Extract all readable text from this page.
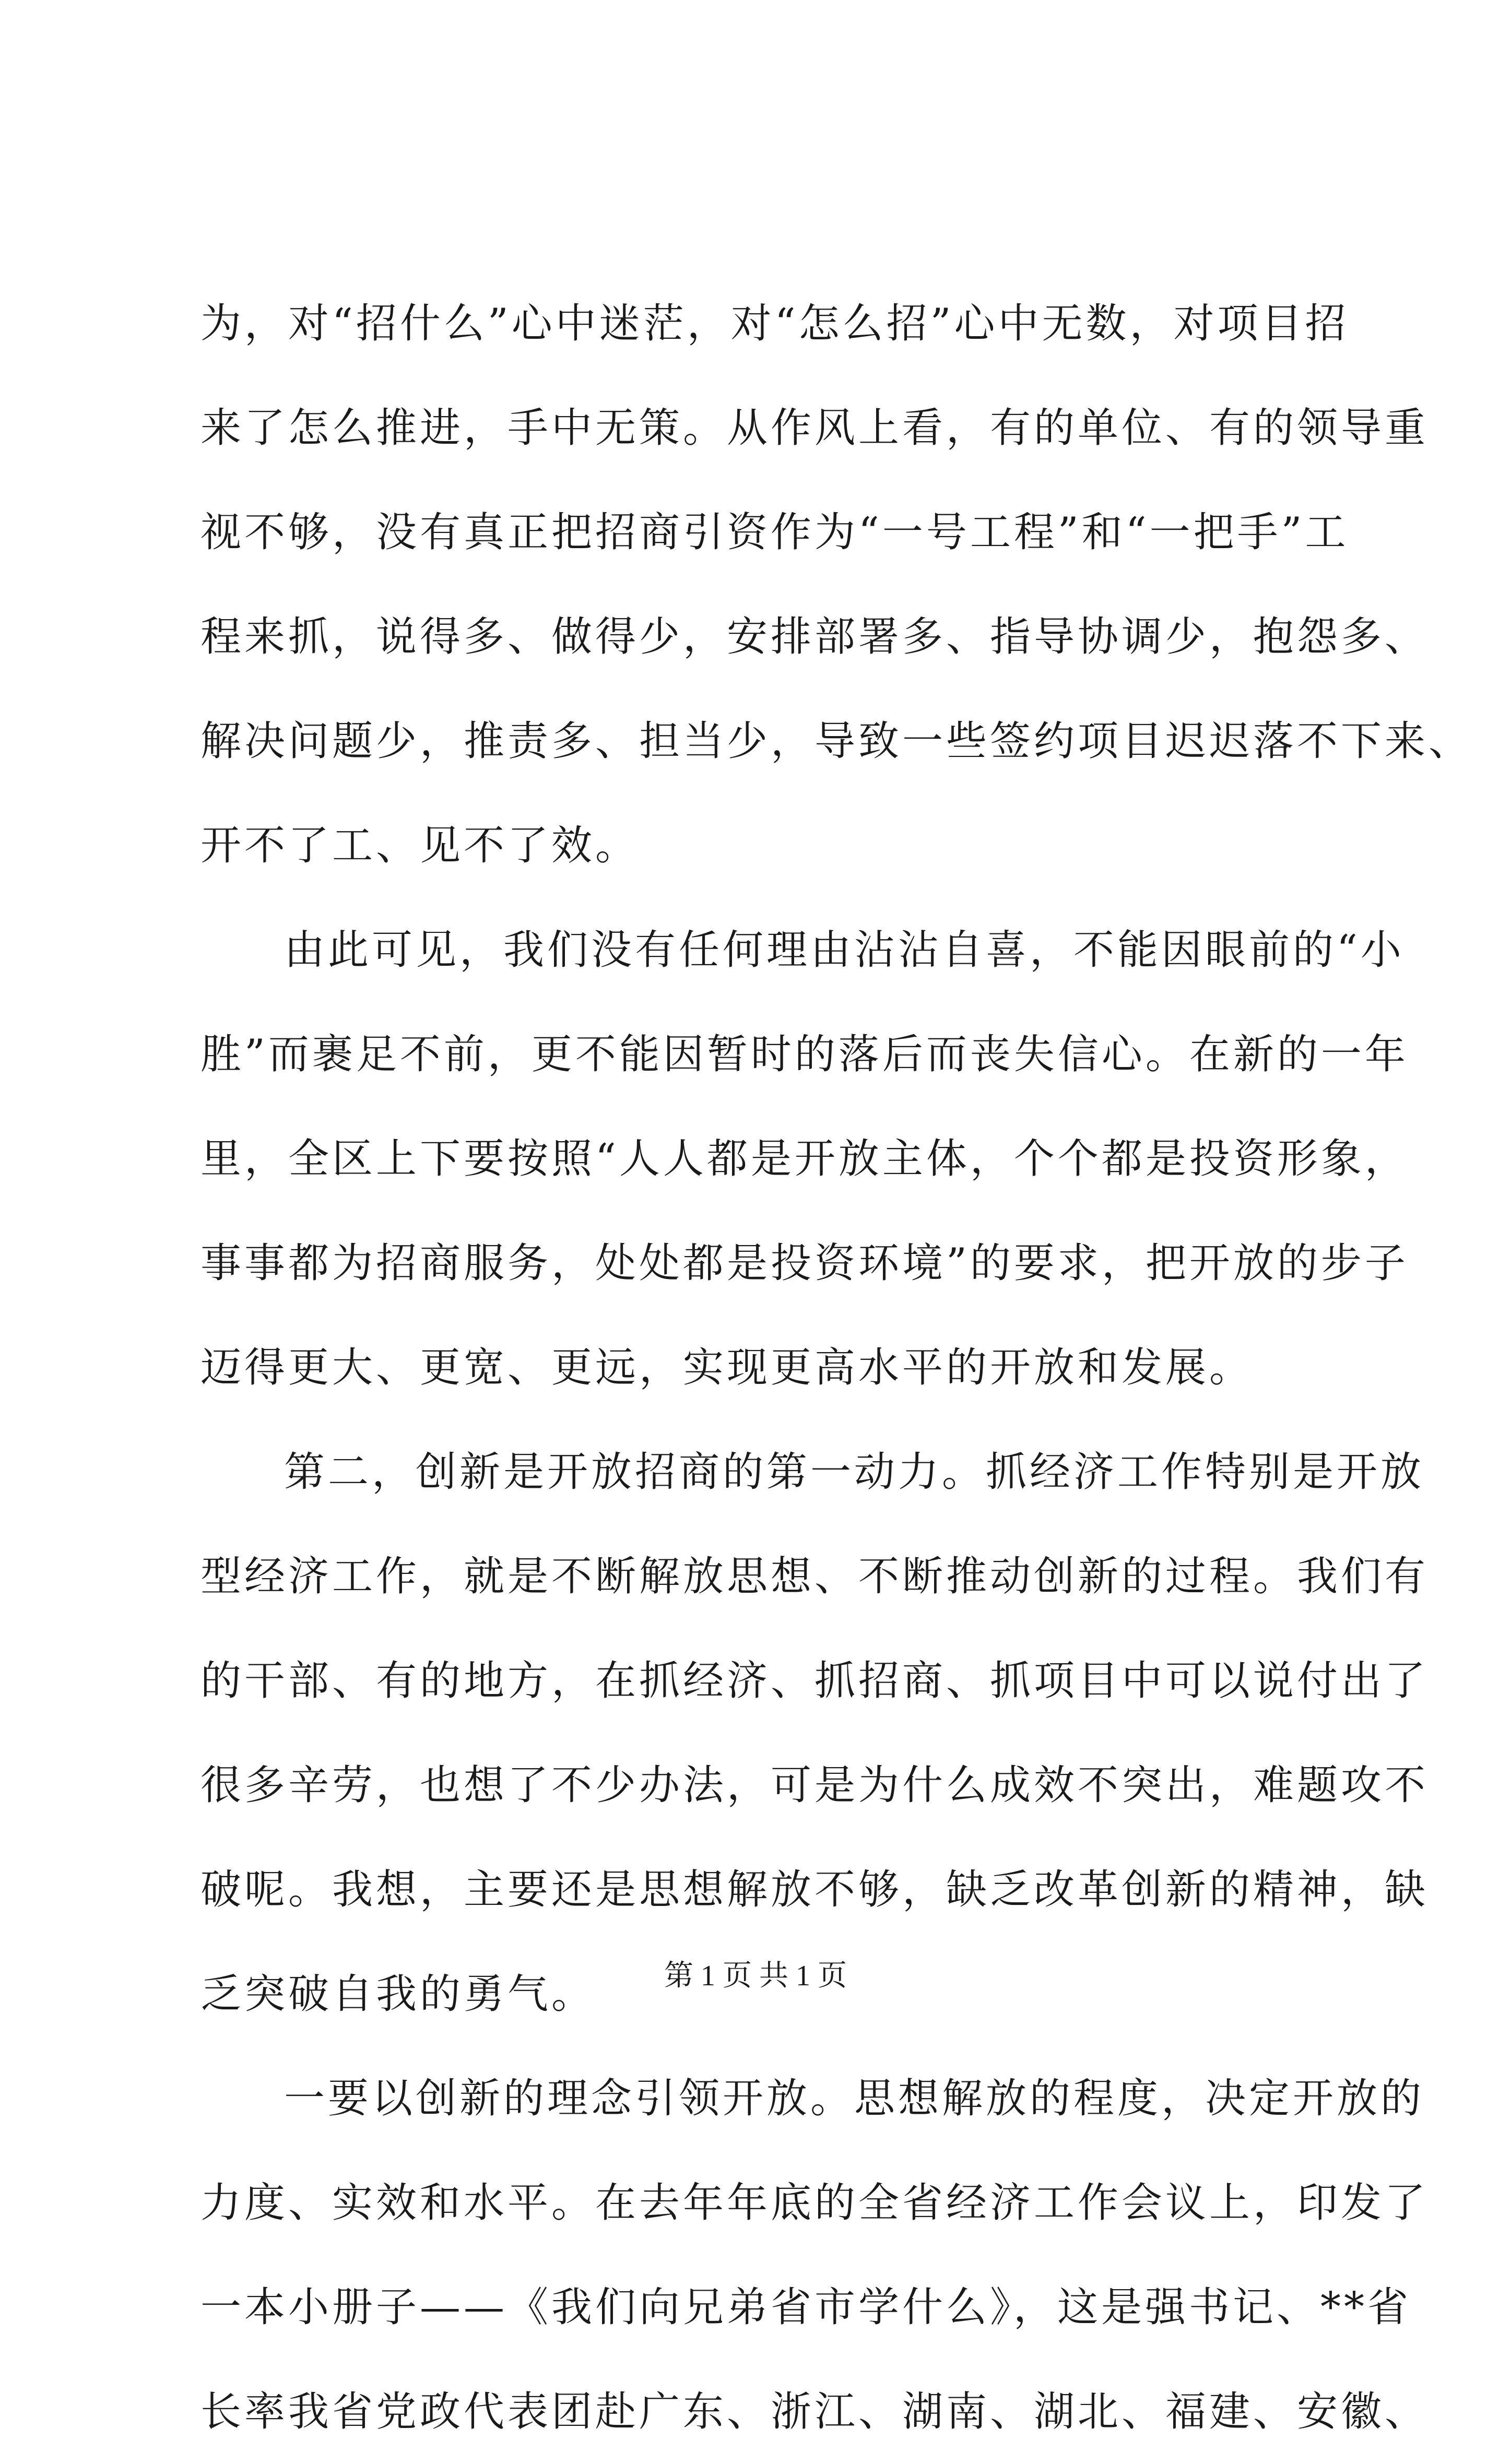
为，对“招什么”心中迷茫，对“怎么招”心中无数，对项目招
来了怎么推进，手中无策。从作风上看，有的单位、有的领导重
视不够，没有真正把招商引资作为“一号工程”和“一把手”工
程来抓，说得多、做得少，安排部署多、指导协调少，抱怨多、
解决问题少，推责多、担当少，导致一些签约项目迟迟落不下来、
开不了工、见不了效。
由此可见，我们没有任何理由沾沾自喜，不能因眼前的“小
胜”而裹足不前，更不能因暂时的落后而丧失信心。在新的一年
里，全区上下要按照“人人都是开放主体，个个都是投资形象，
事事都为招商服务，处处都是投资环境”的要求，把开放的步子
迈得更大、更宽、更远，实现更高水平的开放和发展。
第二，创新是开放招商的第一动力。抓经济工作特别是开放
型经济工作，就是不断解放思想、不断推动创新的过程。我们有
的干部、有的地方，在抓经济、抓招商、抓项目中可以说付出了
很多辛劳，也想了不少办法，可是为什么成效不突出，难题攻不
破呢。我想，主要还是思想解放不够，缺乏改革创新的精神，缺
乏突破自我的勇气。
一要以创新的理念引领开放。思想解放的程度，决定开放的
力度、实效和水平。在去年年底的全省经济工作会议上，印发了
一本小册子——《我们向兄弟省市学什么》，这是强书记、**省
长率我省党政代表团赴广东、浙江、湖南、湖北、福建、安徽、
第 1 页 共 1 页
